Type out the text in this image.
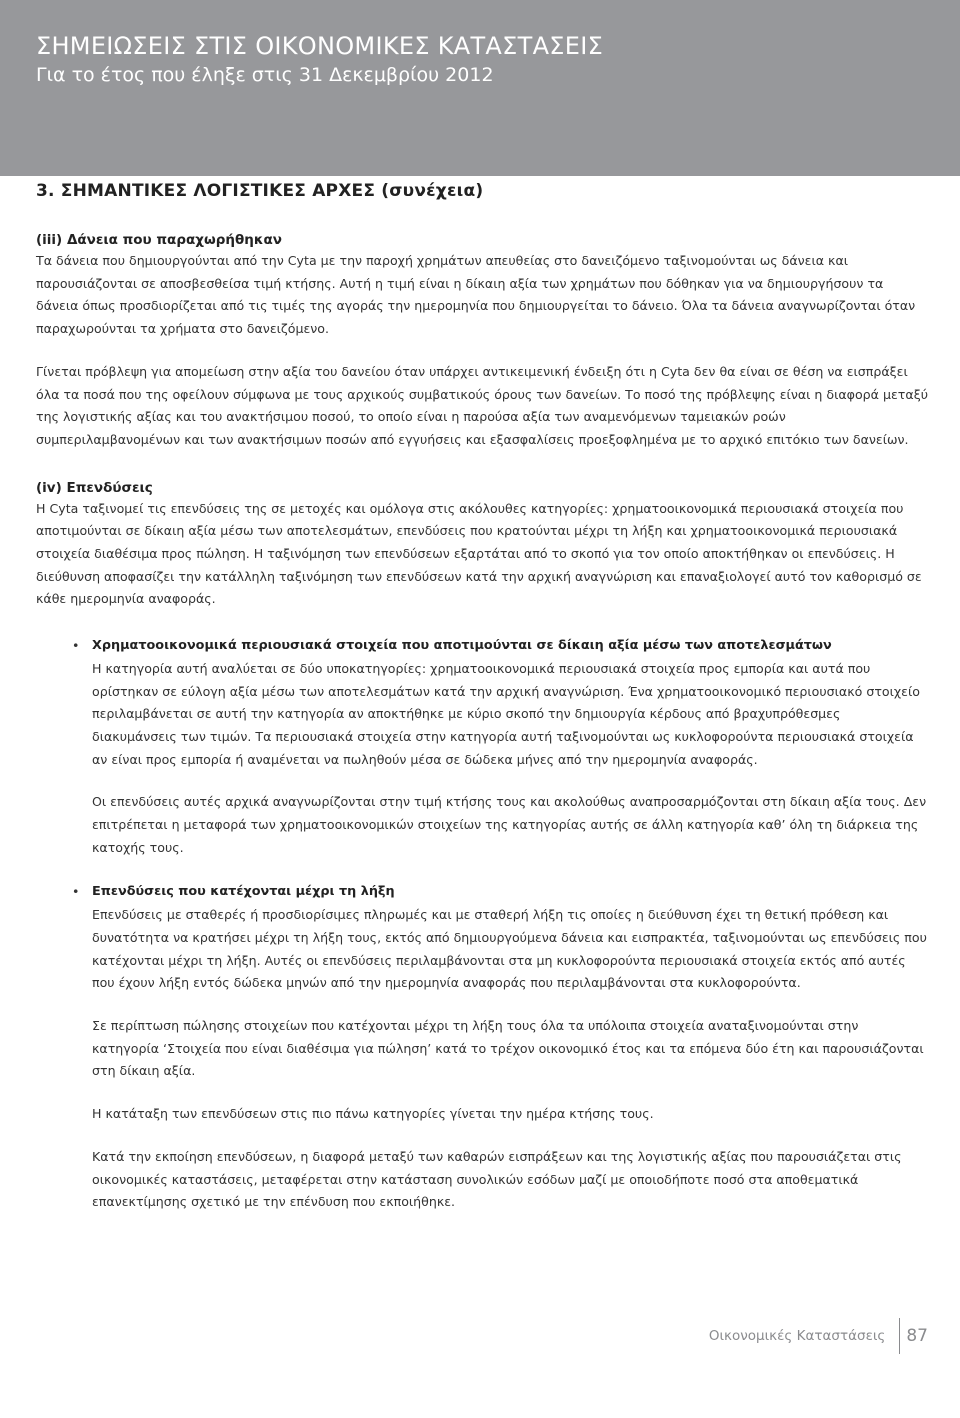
ΣΗΜΕΙΩΣΕΙΣ ΣΤΙΣ ΟΙΚΟΝΟΜΙΚΕΣ ΚΑΤΑΣΤΑΣΕΙΣ
Για το έτος που έληξε στις 31 Δεκεμβρίου 2012
3. ΣΗΜΑΝΤΙΚΕΣ ΛΟΓΙΣΤΙΚΕΣ ΑΡΧΕΣ (συνέχεια)
(iii) Δάνεια που παραχωρήθηκαν

Τα δάνεια που δημιουργούνται από την Cyta με την παροχή χρημάτων απευθείας στο δανειζόμενο ταξινομούνται ως δάνεια και παρουσιάζονται σε αποσβεσθείσα τιμή κτήσης. Αυτή η τιμή είναι η δίκαιη αξία των χρημάτων που δόθηκαν για να δημιουργήσουν τα δάνεια όπως προσδιορίζεται από τις τιμές της αγοράς την ημερομηνία που δημιουργείται το δάνειο. Όλα τα δάνεια αναγνωρίζονται όταν παραχωρούνται τα χρήματα στο δανειζόμενο.

Γίνεται πρόβλεψη για απομείωση στην αξία του δανείου όταν υπάρχει αντικειμενική ένδειξη ότι η Cyta δεν θα είναι σε θέση να εισπράξει όλα τα ποσά που της οφείλουν σύμφωνα με τους αρχικούς συμβατικούς όρους των δανείων. Το ποσό της πρόβλεψης είναι η διαφορά μεταξύ της λογιστικής αξίας και του ανακτήσιμου ποσού, το οποίο είναι η παρούσα αξία των αναμενόμενων ταμειακών ροών συμπεριλαμβανομένων και των ανακτήσιμων ποσών από εγγυήσεις και εξασφαλίσεις προεξοφλημένα με το αρχικό επιτόκιο των δανείων.

(iv) Επενδύσεις

Η Cyta ταξινομεί τις επενδύσεις της σε μετοχές και ομόλογα στις ακόλουθες κατηγορίες: χρηματοοικονομικά περιουσιακά στοιχεία που αποτιμούνται σε δίκαιη αξία μέσω των αποτελεσμάτων, επενδύσεις που κρατούνται μέχρι τη λήξη και χρηματοοικονομικά περιουσιακά στοιχεία διαθέσιμα προς πώληση. Η ταξινόμηση των επενδύσεων εξαρτάται από το σκοπό για τον οποίο αποκτήθηκαν οι επενδύσεις. Η διεύθυνση αποφασίζει την κατάλληλη ταξινόμηση των επενδύσεων κατά την αρχική αναγνώριση και επαναξιολογεί αυτό τον καθορισμό σε κάθε ημερομηνία αναφοράς.

• Χρηματοοικονομικά περιουσιακά στοιχεία που αποτιμούνται σε δίκαιη αξία μέσω των αποτελεσμάτων

Η κατηγορία αυτή αναλύεται σε δύο υποκατηγορίες: χρηματοοικονομικά περιουσιακά στοιχεία προς εμπορία και αυτά που ορίστηκαν σε εύλογη αξία μέσω των αποτελεσμάτων κατά την αρχική αναγνώριση. Ένα χρηματοοικονομικό περιουσιακό στοιχείο περιλαμβάνεται σε αυτή την κατηγορία αν αποκτήθηκε με κύριο σκοπό την δημιουργία κέρδους από βραχυπρόθεσμες διακυμάνσεις των τιμών. Τα περιουσιακά στοιχεία στην κατηγορία αυτή ταξινομούνται ως κυκλοφορούντα περιουσιακά στοιχεία αν είναι προς εμπορία ή αναμένεται να πωληθούν μέσα σε δώδεκα μήνες από την ημερομηνία αναφοράς.

Οι επενδύσεις αυτές αρχικά αναγνωρίζονται στην τιμή κτήσης τους και ακολούθως αναπροσαρμόζονται στη δίκαιη αξία τους. Δεν επιτρέπεται η μεταφορά των χρηματοοικονομικών στοιχείων της κατηγορίας αυτής σε άλλη κατηγορία καθ’ όλη τη διάρκεια της κατοχής τους.

• Επενδύσεις που κατέχονται μέχρι τη λήξη

Επενδύσεις με σταθερές ή προσδιορίσιμες πληρωμές και με σταθερή λήξη τις οποίες η διεύθυνση έχει τη θετική πρόθεση και δυνατότητα να κρατήσει μέχρι τη λήξη τους, εκτός από δημιουργούμενα δάνεια και εισπρακτέα, ταξινομούνται ως επενδύσεις που κατέχονται μέχρι τη λήξη. Αυτές οι επενδύσεις περιλαμβάνονται στα μη κυκλοφορούντα περιουσιακά στοιχεία εκτός από αυτές που έχουν λήξη εντός δώδεκα μηνών από την ημερομηνία αναφοράς που περιλαμβάνονται στα κυκλοφορούντα.

Σε περίπτωση πώλησης στοιχείων που κατέχονται μέχρι τη λήξη τους όλα τα υπόλοιπα στοιχεία αναταξινομούνται στην κατηγορία ‘Στοιχεία που είναι διαθέσιμα για πώληση’ κατά το τρέχον οικονομικό έτος και τα επόμενα δύο έτη και παρουσιάζονται στη δίκαιη αξία.

Η κατάταξη των επενδύσεων στις πιο πάνω κατηγορίες γίνεται την ημέρα κτήσης τους.

Κατά την εκποίηση επενδύσεων, η διαφορά μεταξύ των καθαρών εισπράξεων και της λογιστικής αξίας που παρουσιάζεται στις οικονομικές καταστάσεις, μεταφέρεται στην κατάσταση συνολικών εσόδων μαζί με οποιοδήποτε ποσό στα αποθεματικά επανεκτίμησης σχετικό με την επένδυση που εκποιήθηκε.

Οικονομικές Καταστάσεις 87
